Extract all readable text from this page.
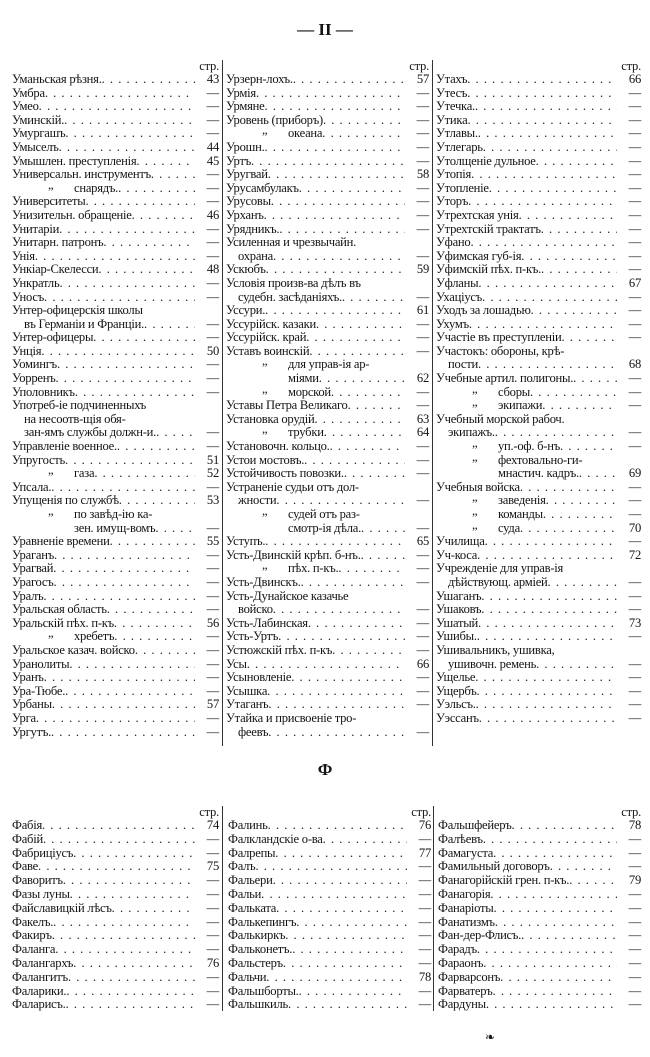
— II —
стр.
Уманьская рѣзня. . .	43
Умбра . .	—
Умео . .	—
Уминскій. . .	—
Умургашъ . .	—
Умыселъ . .	44
Умышлен. преступленія . .	45
Универсальн. инструментъ . .	—
„ снарядъ. . .	—
Университеты . .	—
Унизительн. обращеніе . .	46
Унитаріи . .	—
Унитарн. патронъ . .	—
Унія . .	—
Ункіар-Скелесси . .	48
Ункратль . .	—
Уносъ . .	—
Унтер-офицерскія школы
въ Германіи и Франціи. . .	—
Унтер-офицеры . .	—
Унція . .	50
Уомингъ . .	—
Уорренъ . .	—
Уполовникъ . .	—
Употреб-іе подчиненныхъ
на несоотв-щія обя-
зан-ямъ службы должн-и. . .	—
Управленіе военное. . .	—
Упругость . .	51
„ газа . .	52
Упсала. . .	—
Упущенія по службѣ . .	53
„ по завѣд-ію ка-
зен. имущ-вомъ . .	—
Уравненіе времени . .	55
Ураганъ . .	—
Урагвай . .	—
Урагосъ . .	—
Уралъ . .	—
Уральская область . .	—
Уральскій пѣх. п-къ . .	56
„ хребетъ . .	—
Уральское казач. войско . .	—
Уранолиты . .	—
Уранъ . .	—
Ура-Тюбе. . .	—
Урбаны . .	57
Урга . .	—
Ургутъ. . .	—
стр.
Урзерн-лохъ. . .	57
Урмія . .	—
Урмяне . .	—
Уровень (приборъ) . .	—
„ океана . .	—
Урошн. . .	—
Уртъ . .	—
Уругвай . .	58
Урусамбулакъ . .	—
Урусовы . .	—
Урханъ . .	—
Урядникъ. . .	—
Усиленная и чрезвычайн.
охрана . .	—
Ускюбъ . .	59
Условія произв-ва дѣлъ въ
судебн. засѣданіяхъ. . .	—
Уссури. . .	61
Уссурійск. казаки . .	—
Уссурійск. край . .	—
Уставъ воинскій . .	—
„ для управ-ія ар-
міями . .	62
„ морской . .	—
Уставы Петра Великаго . .	—
Установка орудій . .	63
„ трубки . .	64
Установочн. кольцо. . .	—
Устои мостовъ. . .	—
Устойчивость повозки. . .	—
Устраненіе судьи отъ дол-
жности . .	—
„ судей отъ раз-
смотр-ія дѣла. . .	—
Уступъ. . .	65
Усть-Двинскій крѣп. б-нъ. . .	—
„ пѣх. п-къ. . .	—
Усть-Двинскъ. . .	—
Усть-Дунайское казачье
войско . .	—
Усть-Лабинская . .	—
Усть-Уртъ . .	—
Устюжскій пѣх. п-къ . .	—
Усы . .	66
Усыновленіе . .	—
Усышка . .	—
Утаганъ . .	—
Утайка и присвоеніе тро-
феевъ . .	—
стр.
Утахъ . .	66
Утесъ . .	—
Утечка. . .	—
Утика . .	—
Утлавы. . .	—
Утлегарь . .	—
Утолщеніе дульное . .	—
Утопія . .	—
Утопленіе . .	—
Уторъ . .	—
Утрехтская унія . .	—
Утрехтскій трактатъ . .	—
Уфано . .	—
Уфимская губ-ія . .	—
Уфимскій пѣх. п-къ. . .	—
Уфланы . .	67
Ухаціусъ . .	—
Уходъ за лошадью . .	—
Ухумъ . .	—
Участіе въ преступленіи . .	—
Участокъ: обороны, крѣ-
пости . .	68
Учебные артил. полигоны. . .	—
„ сборы . .	—
„ экипажи . .	—
Учебный морской рабоч.
экипажъ. . .	—
„ уп.-оф. б-нъ . .	—
„ фехтовально-ги-
мнастич. кадръ. . .	69
Учебныя войска . .	—
„ заведенія . .	—
„ команды . .	—
„ суда . .	70
Училища . .	—
Уч-коса . .	72
Учрежденіе для управ-ія
дѣйствующ. арміей . .	—
Ушаганъ . .	—
Ушаковъ . .	—
Ушатый . .	73
Ушибы. . .	—
Ушивальникъ, ушивка,
ушивочн. ремень . .	—
Ущелье . .	—
Ущербъ . .	—
Уэльсъ. . .	—
Уэссанъ . .	—
Ф
стр.
Фабія . .	74
Фабій . .	—
Фабриціусъ . .	—
Фаве . .	75
Фаворитъ . .	—
Фазы луны . .	—
Файславицкій лѣсъ . .	—
Факелъ. . .	—
Факиръ . .	—
Фаланга . .	—
Фалангархъ . .	76
Фалангитъ . .	—
Фаларики. . .	—
Фаларисъ. . .	—
стр.
Фалинь . .	76
Фалкландскіе о-ва . .	—
Фалрепы . .	77
Фалъ . .	—
Фальери . .	—
Фальи . .	—
Фальката . .	—
Фалькепингъ . .	—
Фалькиркъ . .	—
Фальконетъ. . .	—
Фальстеръ . .	—
Фальчи . .	78
Фальшборты. . .	—
Фальшкиль . .	—
стр.
Фальшфейеръ . .	78
Фалѣевъ . .	—
Фамагуста . .	—
Фамильный договоръ . .	—
Фанагорійскій грен. п-къ. . .	79
Фанагорія . .	—
Фанаріоты . .	—
Фанатизмъ . .	—
Фан-дер-Флисъ. . .	—
Фарадъ . .	—
Фараонъ . .	—
Фарварсонъ . .	—
Фарватеръ . .	—
Фардуны . .	—
❧
